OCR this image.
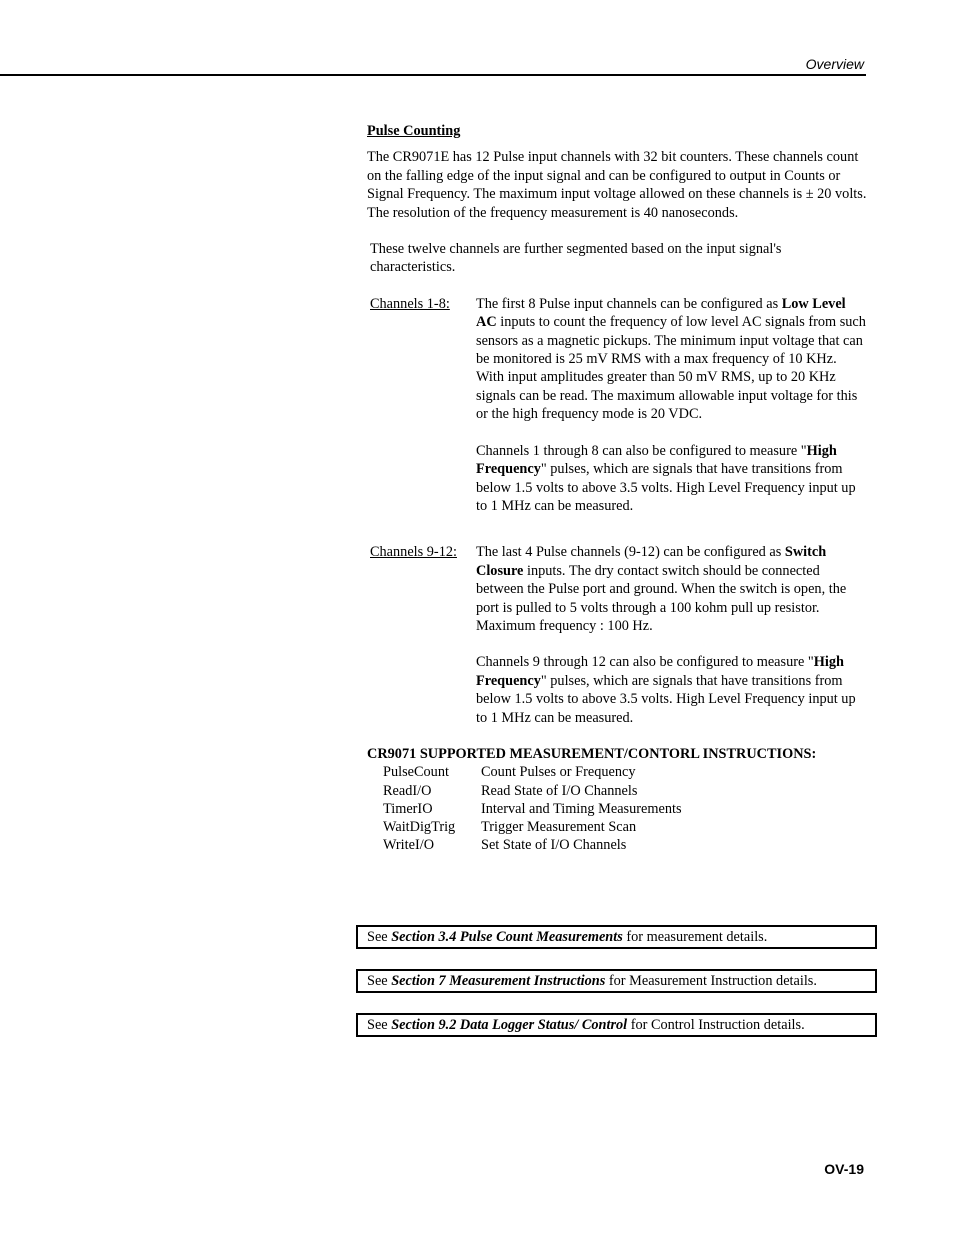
Overview
Pulse Counting

The CR9071E has 12 Pulse input channels with 32 bit counters. These channels count on the falling edge of the input signal and can be configured to output in Counts or Signal Frequency. The maximum input voltage allowed on these channels is ± 20 volts. The resolution of the frequency measurement is 40 nanoseconds.

These twelve channels are further segmented based on the input signal's characteristics.

Channels 1-8:	The first 8 Pulse input channels can be configured as Low Level AC inputs to count the frequency of low level AC signals from such sensors as a magnetic pickups. The minimum input voltage that can be monitored is 25 mV RMS with a max frequency of 10 KHz. With input amplitudes greater than 50 mV RMS, up to 20 KHz signals can be read. The maximum allowable input voltage for this or the high frequency mode is 20 VDC.

Channels 1 through 8 can also be configured to measure "High Frequency" pulses, which are signals that have transitions from below 1.5 volts to above 3.5 volts. High Level Frequency input up to 1 MHz can be measured.

Channels 9-12:	The last 4 Pulse channels (9-12) can be configured as Switch Closure inputs. The dry contact switch should be connected between the Pulse port and ground. When the switch is open, the port is pulled to 5 volts through a 100 kohm pull up resistor. Maximum frequency : 100 Hz.

Channels 9 through 12 can also be configured to measure "High Frequency" pulses, which are signals that have transitions from below 1.5 volts to above 3.5 volts. High Level Frequency input up to 1 MHz can be measured.

CR9071 SUPPORTED MEASUREMENT/CONTORL INSTRUCTIONS:
PulseCount	Count Pulses or Frequency
ReadI/O	Read State of I/O Channels
TimerIO	Interval and Timing Measurements
WaitDigTrig	Trigger Measurement Scan
WriteI/O	Set State of I/O Channels
See Section 3.4 Pulse Count Measurements for measurement details.
See Section 7 Measurement Instructions for Measurement Instruction details.
See Section 9.2 Data Logger Status/ Control for Control Instruction details.
OV-19
